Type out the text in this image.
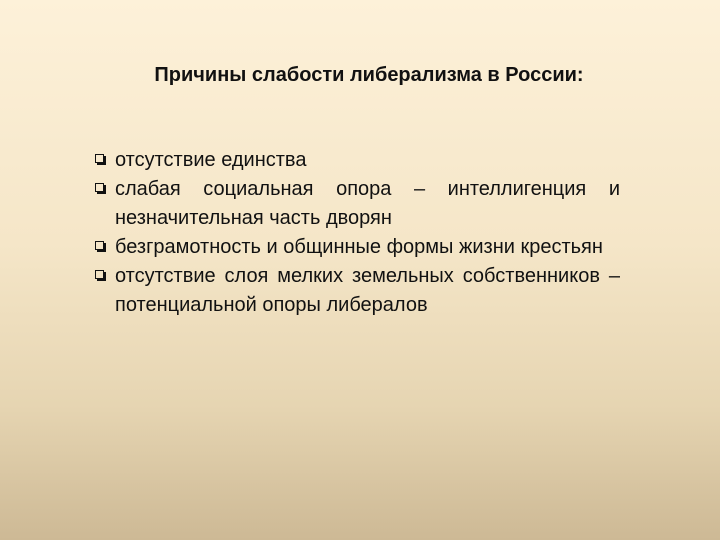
Причины слабости либерализма в России:
отсутствие единства
слабая социальная опора – интеллигенция и незначительная часть дворян
безграмотность и общинные формы жизни крестьян
отсутствие слоя мелких земельных собственников – потенциальной опоры либералов
